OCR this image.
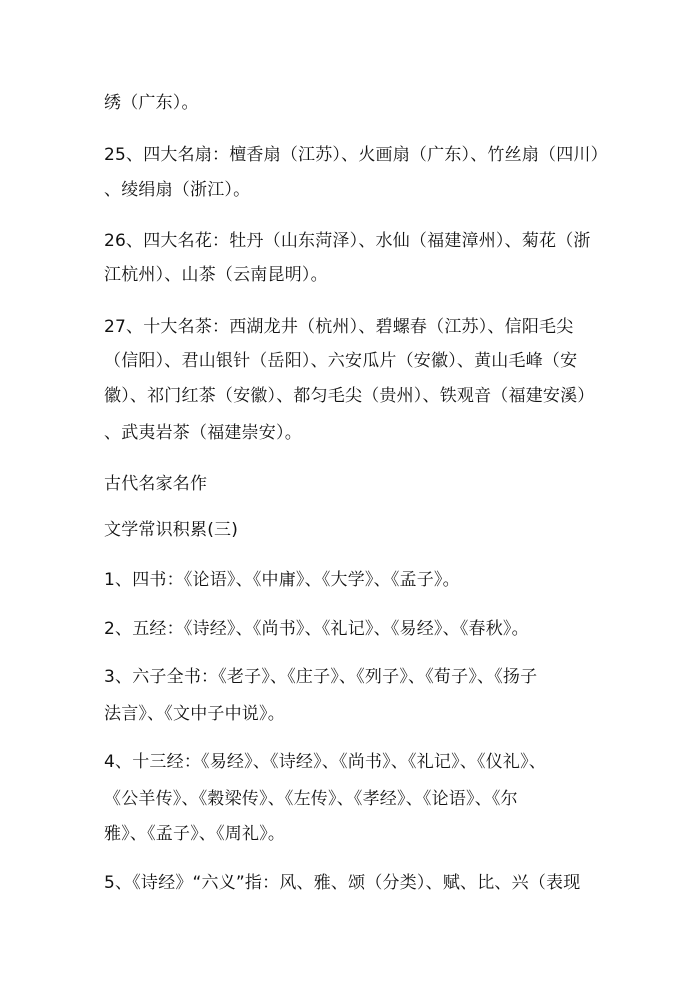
绣（广东）。
25、四大名扇：檀香扇（江苏）、火画扇（广东）、竹丝扇（四川）
、绫绢扇（浙江）。
26、四大名花：牡丹（山东菏泽）、水仙（福建漳州）、菊花（浙
江杭州）、山茶（云南昆明）。
27、十大名茶：西湖龙井（杭州）、碧螺春（江苏）、信阳毛尖
（信阳）、君山银针（岳阳）、六安瓜片（安徽）、黄山毛峰（安
徽）、祁门红茶（安徽）、都匀毛尖（贵州）、铁观音（福建安溪）
、武夷岩茶（福建崇安）。
古代名家名作
文学常识积累(三)
1、四书：《论语》、《中庸》、《大学》、《孟子》。
2、五经：《诗经》、《尚书》、《礼记》、《易经》、《春秋》。
3、六子全书：《老子》、《庄子》、《列子》、《荀子》、《扬子
法言》、《文中子中说》。
4、十三经：《易经》、《诗经》、《尚书》、《礼记》、《仪礼》、
《公羊传》、《穀梁传》、《左传》、《孝经》、《论语》、《尔
雅》、《孟子》、《周礼》。
5、《诗经》“六义”指：风、雅、颂（分类）、赋、比、兴（表现
